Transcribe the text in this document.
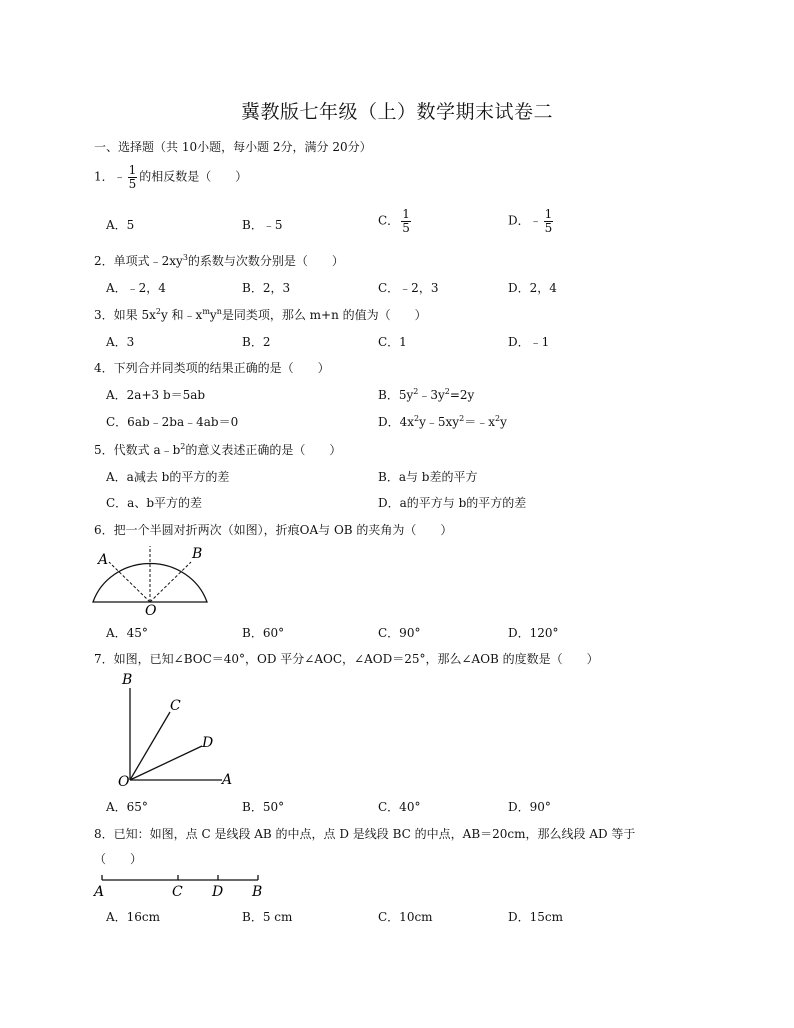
冀教版七年级（上）数学期末试卷二
一、选择题（共 10小题，每小题 2分，满分 20分）
1．﹣ $\frac{1}{5}$ 的相反数是（　　）
A．5	B．﹣5	C． $\frac{1}{5}$	D．﹣ $\frac{1}{5}$
2．单项式$﹣2xy^3$的系数与次数分别是（　　）
A．﹣2，4	B．2，3	C．﹣2，3	D．2，4
3．如果 $5x^2y$ 和$﹣x^my^n$是同类项，那么 m+n 的值为（　　）
A．3	B．2	C．1	D．﹣1
4．下列合并同类项的结果正确的是（　　）
A．2a+3 b＝5ab	B．$5y^2﹣3y^2=2y$
C．6ab﹣2ba﹣4ab＝0	D．$4x^2y﹣5xy^2=﹣x^2y$
5．代数式 $a﹣b^2$的意义表述正确的是（　　）
A．a减去 b的平方的差	B．a与 b差的平方
C．a、b平方的差	D．a的平方与 b的平方的差
6．把一个半圆对折两次（如图），折痕OA与 OB 的夹角为（　　）
A	B
O
A．45°	B．60°	C．90°	D．120°
7．如图，已知∠BOC＝40°，OD 平分∠AOC，∠AOD＝25°，那么∠AOB 的度数是（　　）
B
C
D
A
O
A．65°	B．50°	C．40°	D．90°
8．已知：如图，点 C 是线段 AB 的中点，点 D 是线段 BC 的中点，AB＝20cm，那么线段 AD 等于
（　　）
A	C D B
A．16cm	B．5 cm	C．10cm	D．15cm
